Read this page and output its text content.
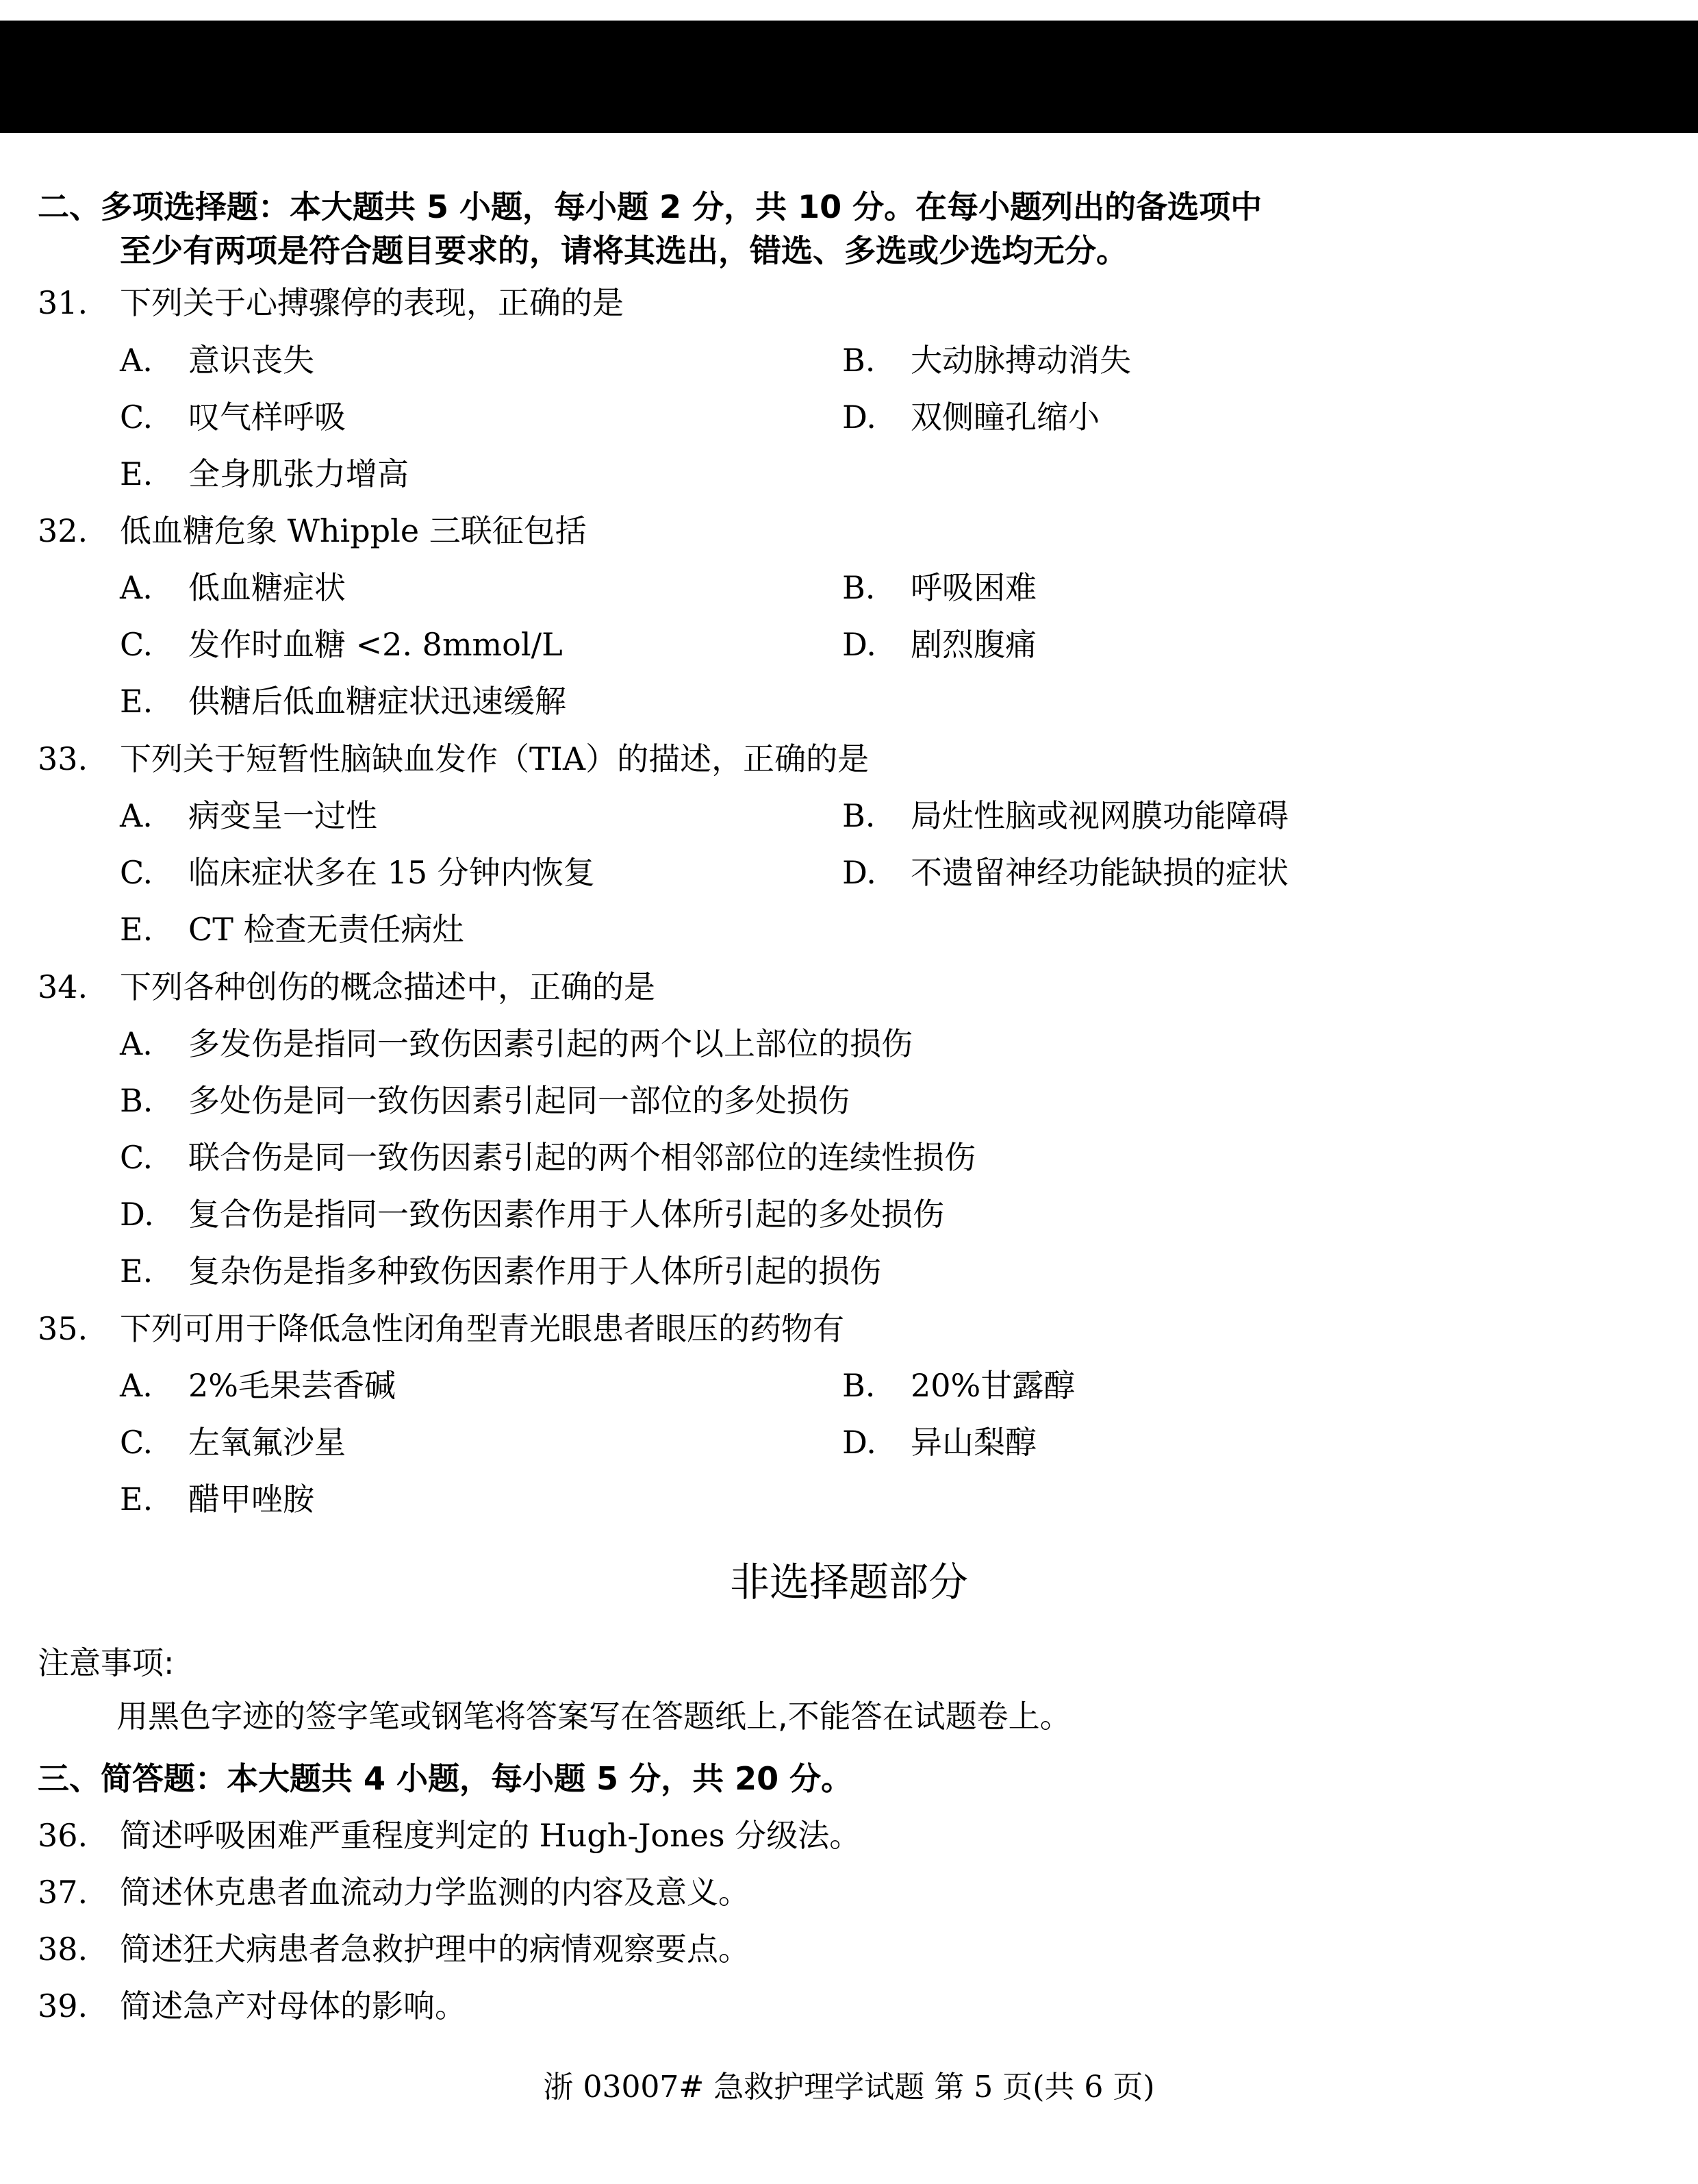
二、多项选择题：本大题共 5 小题，每小题 2 分，共 10 分。在每小题列出的备选项中
至少有两项是符合题目要求的，请将其选出，错选、多选或少选均无分。
31. 下列关于心搏骤停的表现，正确的是
A. 意识丧失	B. 大动脉搏动消失
C. 叹气样呼吸	D. 双侧瞳孔缩小
E. 全身肌张力增高
32. 低血糖危象 Whipple 三联征包括
A. 低血糖症状	B. 呼吸困难
C. 发作时血糖 <2. 8mmol/L	D. 剧烈腹痛
E. 供糖后低血糖症状迅速缓解
33. 下列关于短暂性脑缺血发作（TIA）的描述，正确的是
A. 病变呈一过性	B. 局灶性脑或视网膜功能障碍
C. 临床症状多在 15 分钟内恢复	D. 不遗留神经功能缺损的症状
E. CT 检查无责任病灶
34. 下列各种创伤的概念描述中，正确的是
A. 多发伤是指同一致伤因素引起的两个以上部位的损伤
B. 多处伤是同一致伤因素引起同一部位的多处损伤
C. 联合伤是同一致伤因素引起的两个相邻部位的连续性损伤
D. 复合伤是指同一致伤因素作用于人体所引起的多处损伤
E. 复杂伤是指多种致伤因素作用于人体所引起的损伤
35. 下列可用于降低急性闭角型青光眼患者眼压的药物有
A. 2%毛果芸香碱	B. 20%甘露醇
C. 左氧氟沙星	D. 异山梨醇
E. 醋甲唑胺
非选择题部分
注意事项:
用黑色字迹的签字笔或钢笔将答案写在答题纸上,不能答在试题卷上。
三、简答题：本大题共 4 小题，每小题 5 分，共 20 分。
36. 简述呼吸困难严重程度判定的 Hugh-Jones 分级法。
37. 简述休克患者血流动力学监测的内容及意义。
38. 简述狂犬病患者急救护理中的病情观察要点。
39. 简述急产对母体的影响。
浙 03007# 急救护理学试题 第 5 页(共 6 页)
